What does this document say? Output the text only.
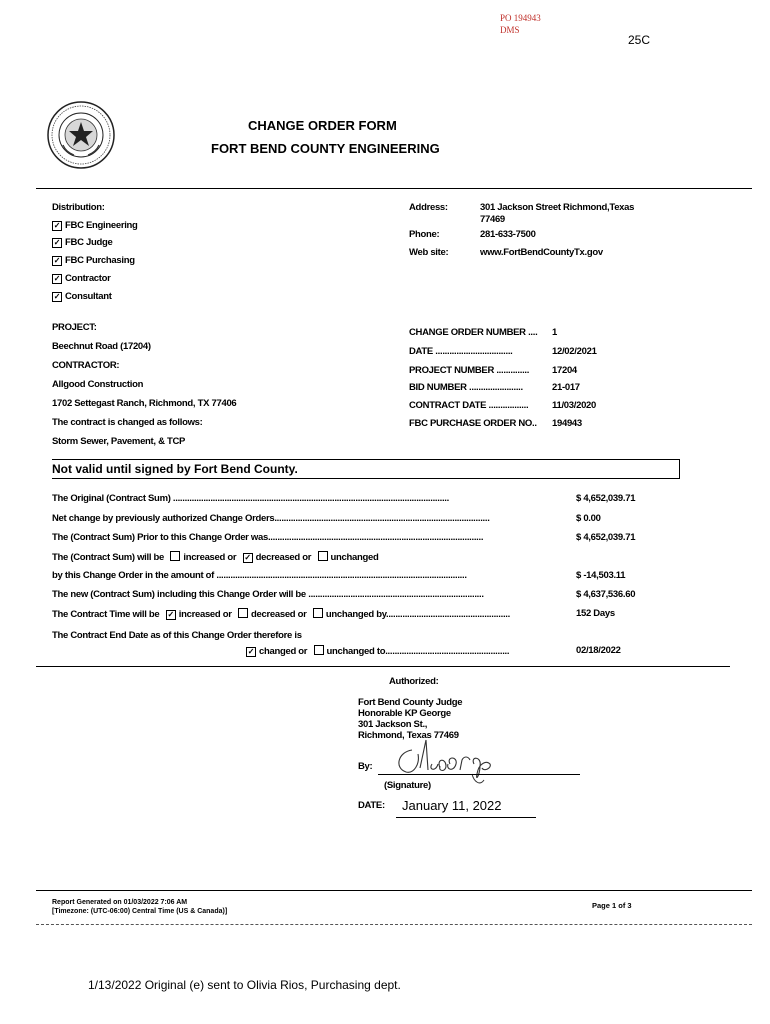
PO 194943
DMS
25C
CHANGE ORDER FORM
FORT BEND COUNTY ENGINEERING
Distribution:
✓ FBC Engineering
✓ FBC Judge
✓ FBC Purchasing
✓ Contractor
✓ Consultant
Address:	301 Jackson Street Richmond,Texas
77469
Phone:	281-633-7500
Web site:	www.FortBendCountyTx.gov
PROJECT:
Beechnut Road (17204)
CONTRACTOR:
Allgood Construction
1702 Settegast Ranch, Richmond, TX 77406
The contract is changed as follows:
Storm Sewer, Pavement, & TCP
CHANGE ORDER NUMBER .... 1
DATE .................................	12/02/2021
PROJECT NUMBER .............. 17204
BID NUMBER .......................	21-017
CONTRACT DATE ................. 11/03/2020
FBC PURCHASE ORDER NO.. 194943
Not valid until signed by Fort Bend County.
The Original (Contract Sum) ......................................................................................................................	$ 4,652,039.71
Net change by previously authorized Change Orders............................................................................................	$ 0.00
The (Contract Sum) Prior to this Change Order was............................................................................................	$ 4,652,039.71
The (Contract Sum) will be increased or ✓ decreased or unchanged
by this Change Order in the amount of ...........................................................................................................	$ -14,503.11
The new (Contract Sum) including this Change Order will be ...........................................................................	$ 4,637,536.60
The Contract Time will be ✓ increased or decreased or unchanged by.....................................................	152 Days
The Contract End Date as of this Change Order therefore is
✓ changed or unchanged to.....................................................	02/18/2022
Authorized:
Fort Bend County Judge
Honorable KP George
301 Jackson St.,
Richmond, Texas 77469
By:
(Signature)
DATE: January 11, 2022
Report Generated on 01/03/2022 7:06 AM
[Timezone: (UTC-06:00) Central Time (US & Canada)]
Page 1 of 3
1/13/2022 Original (e) sent to Olivia Rios, Purchasing dept.
